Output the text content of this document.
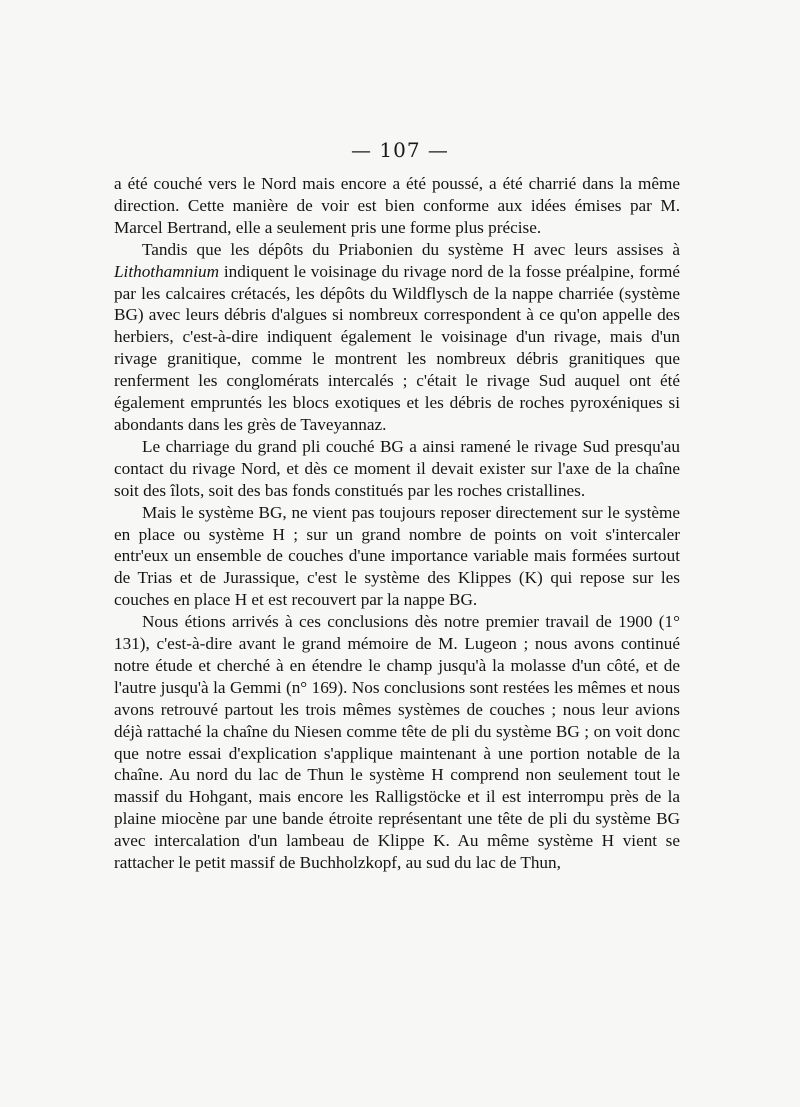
— 107 —

a été couché vers le Nord mais encore a été poussé, a été charrié dans la même direction. Cette manière de voir est bien conforme aux idées émises par M. Marcel Bertrand, elle a seulement pris une forme plus précise.

Tandis que les dépôts du Priabonien du système H avec leurs assises à Lithothamnium indiquent le voisinage du rivage nord de la fosse préalpine, formé par les calcaires crétacés, les dépôts du Wildflysch de la nappe charriée (système BG) avec leurs débris d'algues si nombreux correspondent à ce qu'on appelle des herbiers, c'est-à-dire indiquent également le voisinage d'un rivage, mais d'un rivage granitique, comme le montrent les nombreux débris granitiques que renferment les conglomérats intercalés ; c'était le rivage Sud auquel ont été également empruntés les blocs exotiques et les débris de roches pyroxéniques si abondants dans les grès de Taveyannaz.

Le charriage du grand pli couché BG a ainsi ramené le rivage Sud presqu'au contact du rivage Nord, et dès ce moment il devait exister sur l'axe de la chaîne soit des îlots, soit des bas fonds constitués par les roches cristallines.

Mais le système BG, ne vient pas toujours reposer directement sur le système en place ou système H ; sur un grand nombre de points on voit s'intercaler entr'eux un ensemble de couches d'une importance variable mais formées surtout de Trias et de Jurassique, c'est le système des Klippes (K) qui repose sur les couches en place H et est recouvert par la nappe BG.

Nous étions arrivés à ces conclusions dès notre premier travail de 1900 (1° 131), c'est-à-dire avant le grand mémoire de M. Lugeon ; nous avons continué notre étude et cherché à en étendre le champ jusqu'à la molasse d'un côté, et de l'autre jusqu'à la Gemmi (n° 169). Nos conclusions sont restées les mêmes et nous avons retrouvé partout les trois mêmes systèmes de couches ; nous leur avions déjà rattaché la chaîne du Niesen comme tête de pli du système BG ; on voit donc que notre essai d'explication s'applique maintenant à une portion notable de la chaîne. Au nord du lac de Thun le système H comprend non seulement tout le massif du Hohgant, mais encore les Ralligstöcke et il est interrompu près de la plaine miocène par une bande étroite représentant une tête de pli du système BG avec intercalation d'un lambeau de Klippe K. Au même système H vient se rattacher le petit massif de Buchholzkopf, au sud du lac de Thun,
